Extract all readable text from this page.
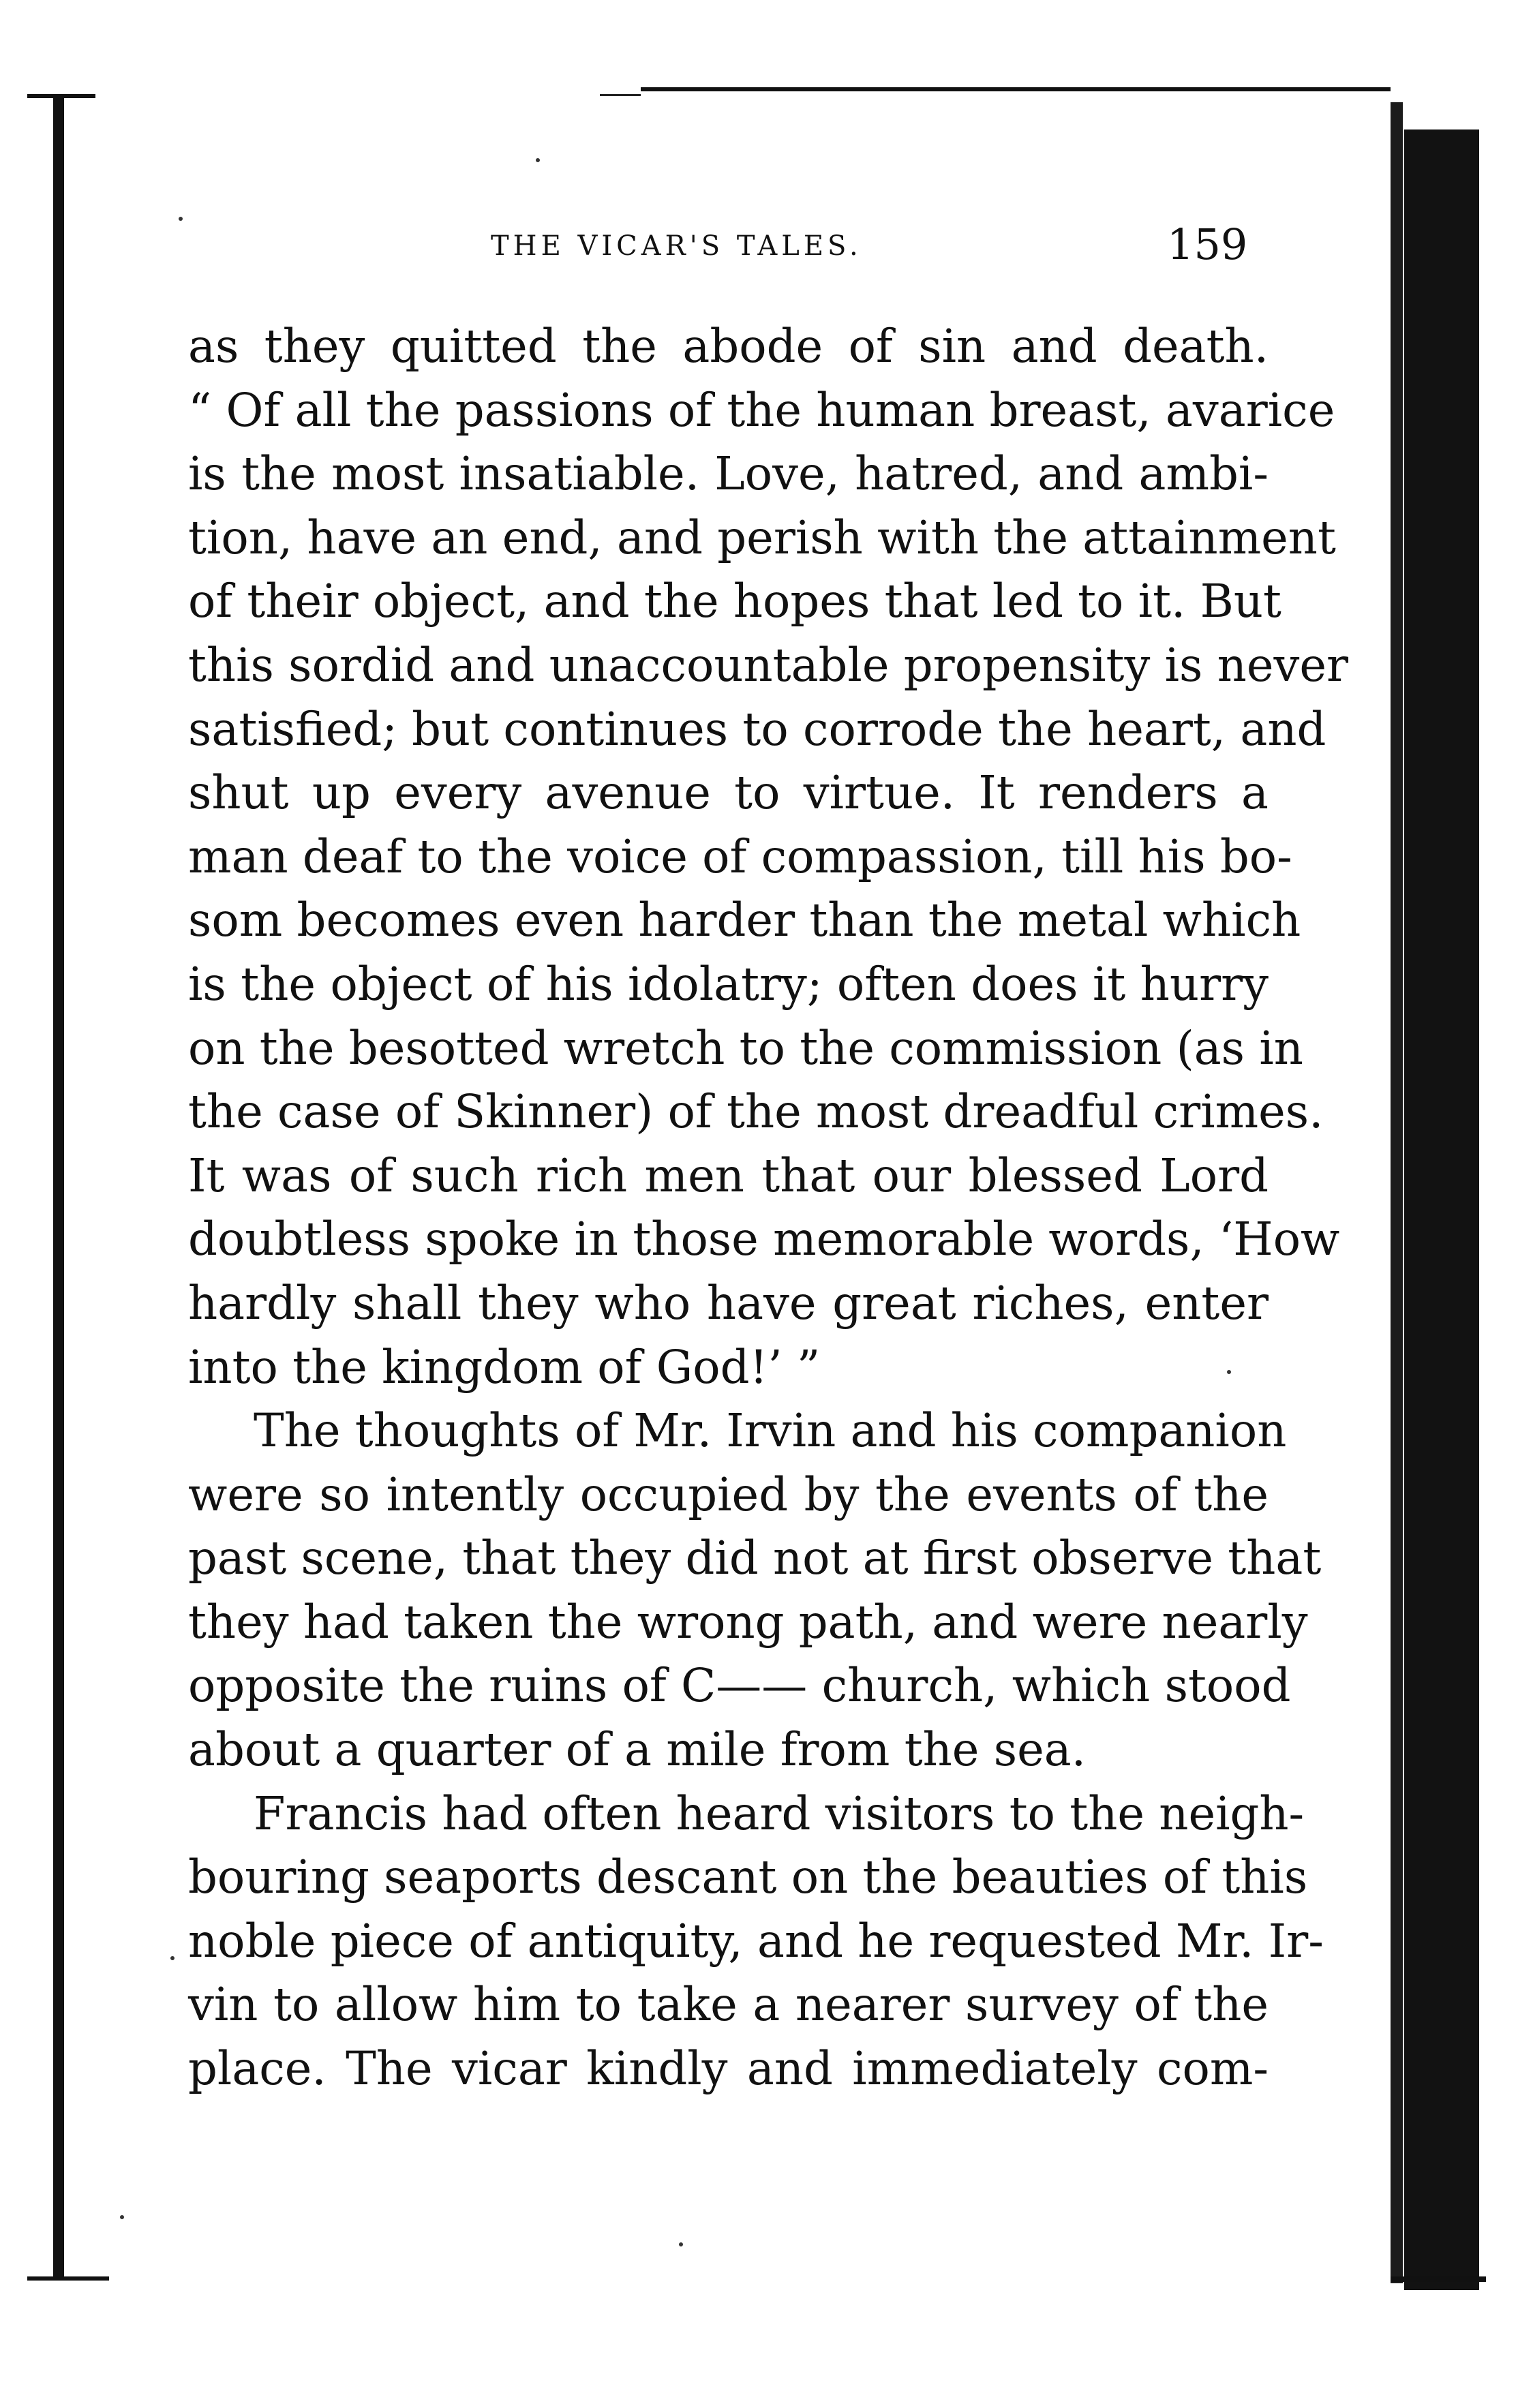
THE VICAR'S TALES.	159
as they quitted the abode of sin and death.
“ Of all the passions of the human breast, avarice
is the most insatiable. Love, hatred, and ambi-
tion, have an end, and perish with the attainment
of their object, and the hopes that led to it. But
this sordid and unaccountable propensity is never
satisfied; but continues to corrode the heart, and
shut up every avenue to virtue. It renders a
man deaf to the voice of compassion, till his bo-
som becomes even harder than the metal which
is the object of his idolatry; often does it hurry
on the besotted wretch to the commission (as in
the case of Skinner) of the most dreadful crimes.
It was of such rich men that our blessed Lord
doubtless spoke in those memorable words, ‘How
hardly shall they who have great riches, enter
into the kingdom of God!’ ”
The thoughts of Mr. Irvin and his companion
were so intently occupied by the events of the
past scene, that they did not at first observe that
they had taken the wrong path, and were nearly
opposite the ruins of C—— church, which stood
about a quarter of a mile from the sea.
Francis had often heard visitors to the neigh-
bouring seaports descant on the beauties of this
noble piece of antiquity, and he requested Mr. Ir-
vin to allow him to take a nearer survey of the
place. The vicar kindly and immediately com-
